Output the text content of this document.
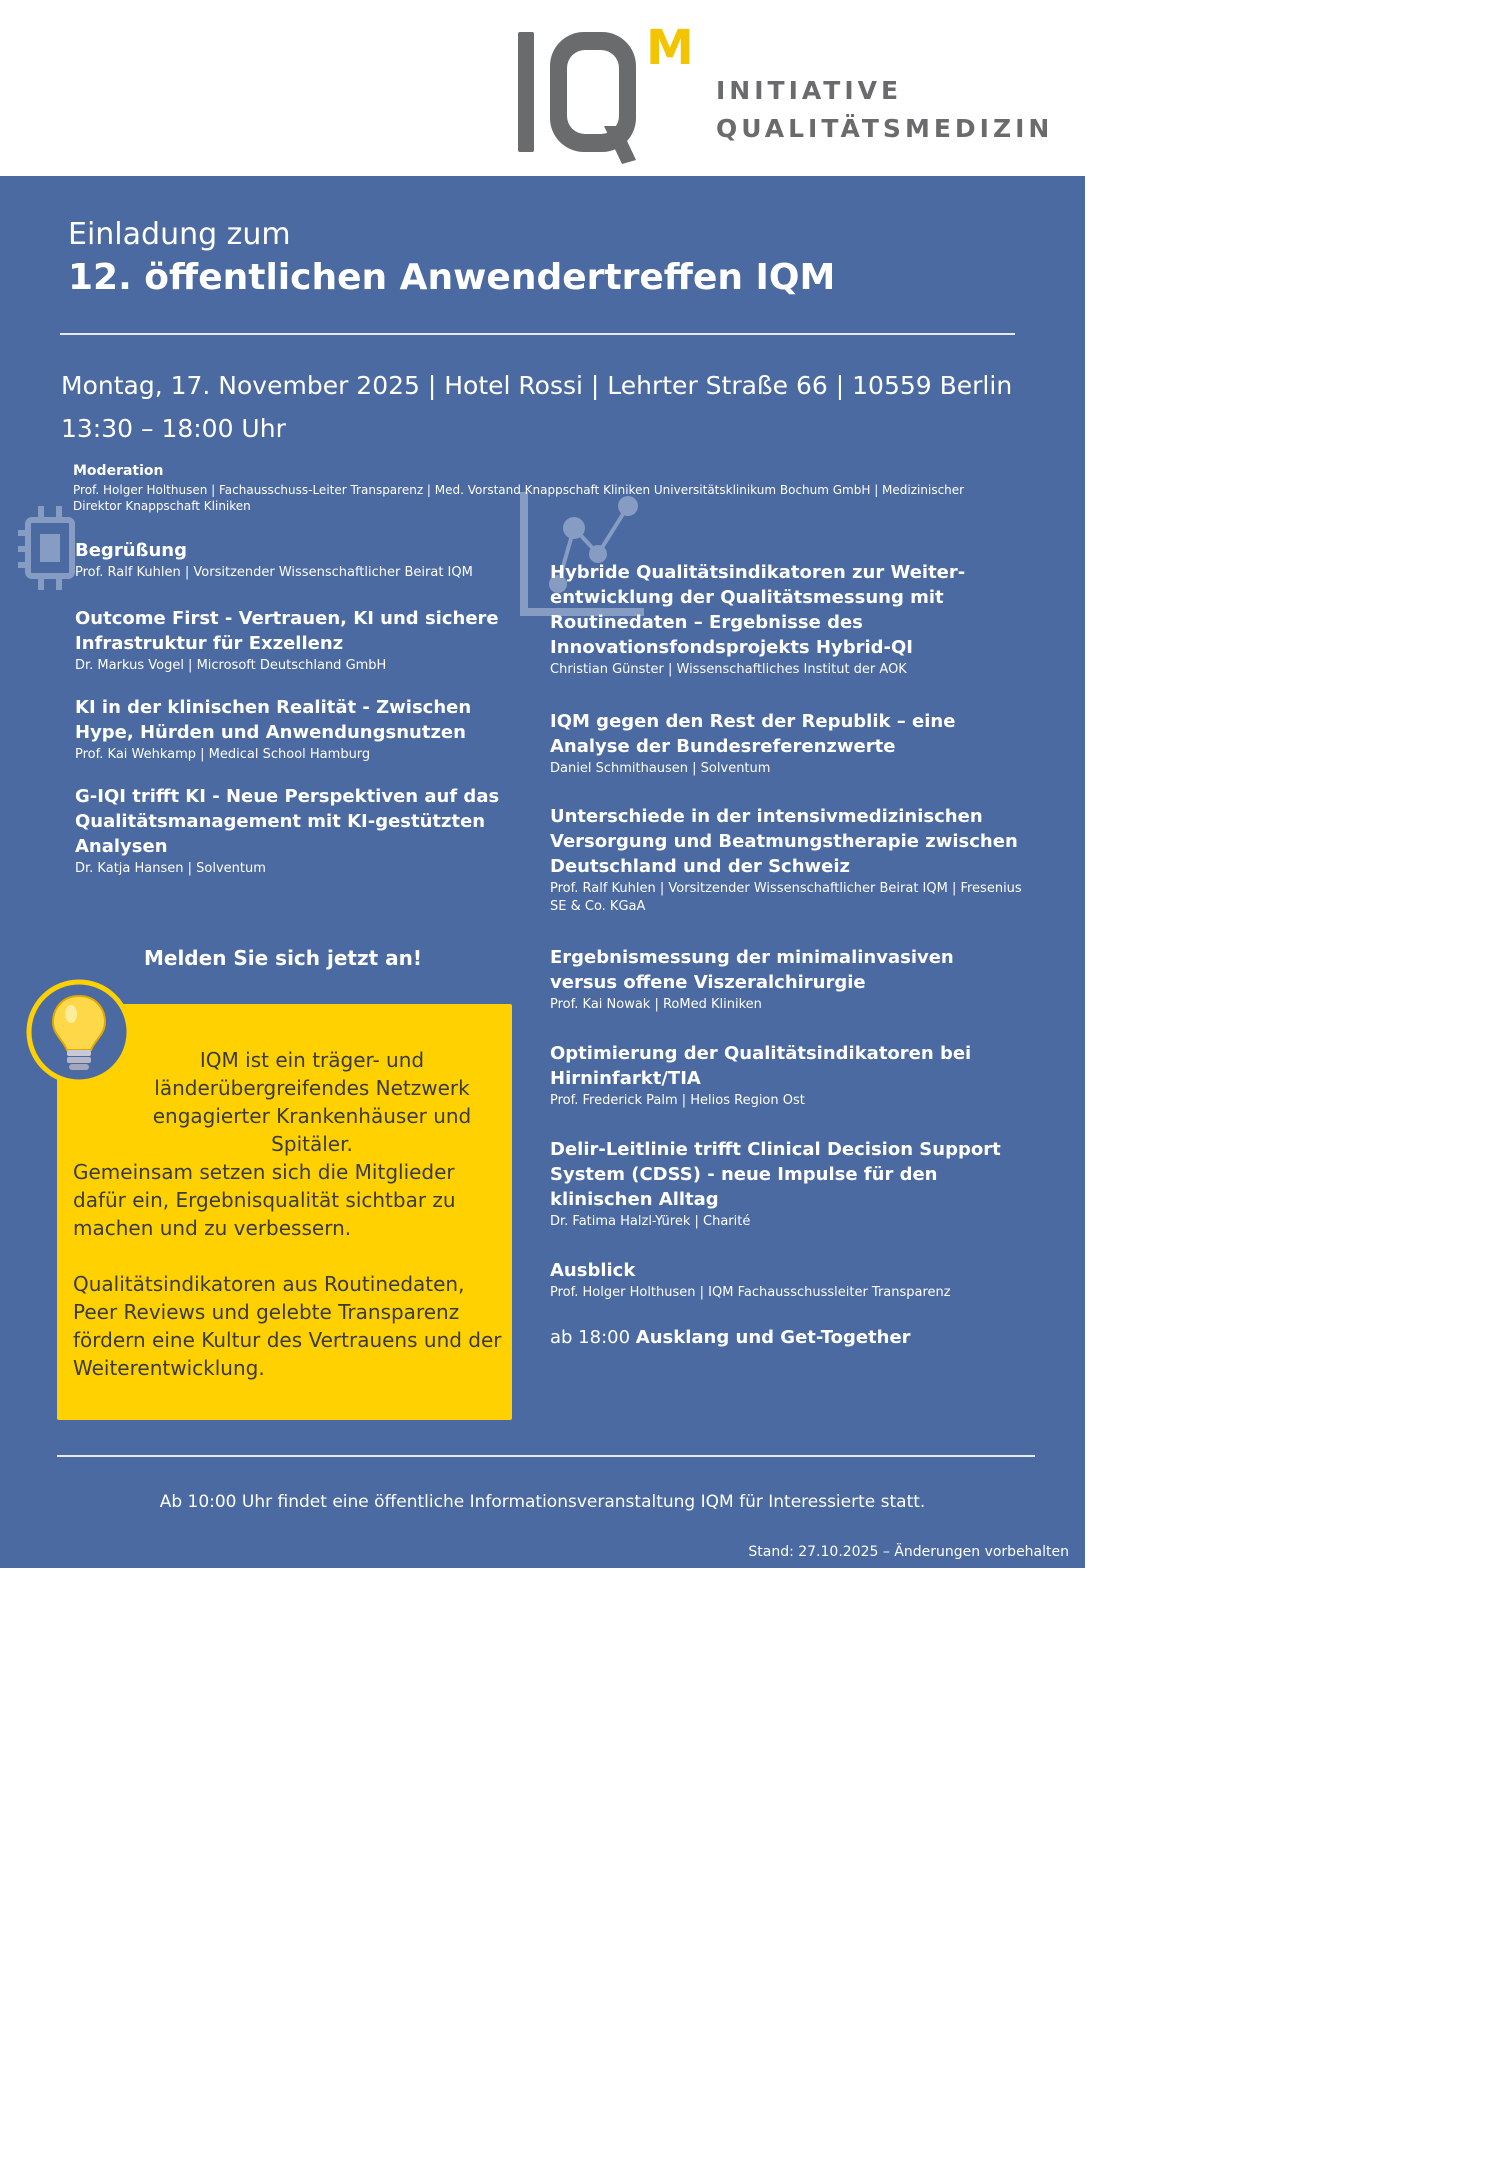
M
INITIATIVE
QUALITÄTSMEDIZIN
Einladung zum
12. öffentlichen Anwendertreffen IQM
Montag, 17. November 2025 | Hotel Rossi | Lehrter Straße 66 | 10559 Berlin
13:30 – 18:00 Uhr
Moderation
Prof. Holger Holthusen | Fachausschuss-Leiter Transparenz | Med. Vorstand Knappschaft Kliniken Universitätsklinikum Bochum GmbH | Medizinischer Direktor Knappschaft Kliniken
Begrüßung
Prof. Ralf Kuhlen | Vorsitzender Wissenschaftlicher Beirat IQM
Outcome First - Vertrauen, KI und sichere Infrastruktur für Exzellenz
Dr. Markus Vogel | Microsoft Deutschland GmbH
KI in der klinischen Realität - Zwischen Hype, Hürden und Anwendungsnutzen
Prof. Kai Wehkamp | Medical School Hamburg
G-IQI trifft KI - Neue Perspektiven auf das Qualitätsmanagement mit KI-gestützten Analysen
Dr. Katja Hansen | Solventum
Hybride Qualitätsindikatoren zur Weiter-entwicklung der Qualitätsmessung mit Routinedaten – Ergebnisse des Innovationsfondsprojekts Hybrid-QI
Christian Günster | Wissenschaftliches Institut der AOK
IQM gegen den Rest der Republik – eine Analyse der Bundesreferenzwerte
Daniel Schmithausen | Solventum
Unterschiede in der intensivmedizinischen Versorgung und Beatmungstherapie zwischen Deutschland und der Schweiz
Prof. Ralf Kuhlen | Vorsitzender Wissenschaftlicher Beirat IQM | Fresenius SE & Co. KGaA
Ergebnismessung der minimalinvasiven versus offene Viszeralchirurgie
Prof. Kai Nowak | RoMed Kliniken
Optimierung der Qualitätsindikatoren bei Hirninfarkt/TIA
Prof. Frederick Palm | Helios Region Ost
Delir-Leitlinie trifft Clinical Decision Support System (CDSS) - neue Impulse für den klinischen Alltag
Dr. Fatima Halzl-Yürek | Charité
Ausblick
Prof. Holger Holthusen | IQM Fachausschussleiter Transparenz
ab 18:00 Ausklang und Get-Together
Melden Sie sich jetzt an!
IQM ist ein träger- und länderübergreifendes Netzwerk engagierter Krankenhäuser und Spitäler.
Gemeinsam setzen sich die Mitglieder dafür ein, Ergebnisqualität sichtbar zu machen und zu verbessern.
Qualitätsindikatoren aus Routinedaten, Peer Reviews und gelebte Transparenz fördern eine Kultur des Vertrauens und der Weiterentwicklung.
Ab 10:00 Uhr findet eine öffentliche Informationsveranstaltung IQM für Interessierte statt.
Stand: 27.10.2025 – Änderungen vorbehalten
